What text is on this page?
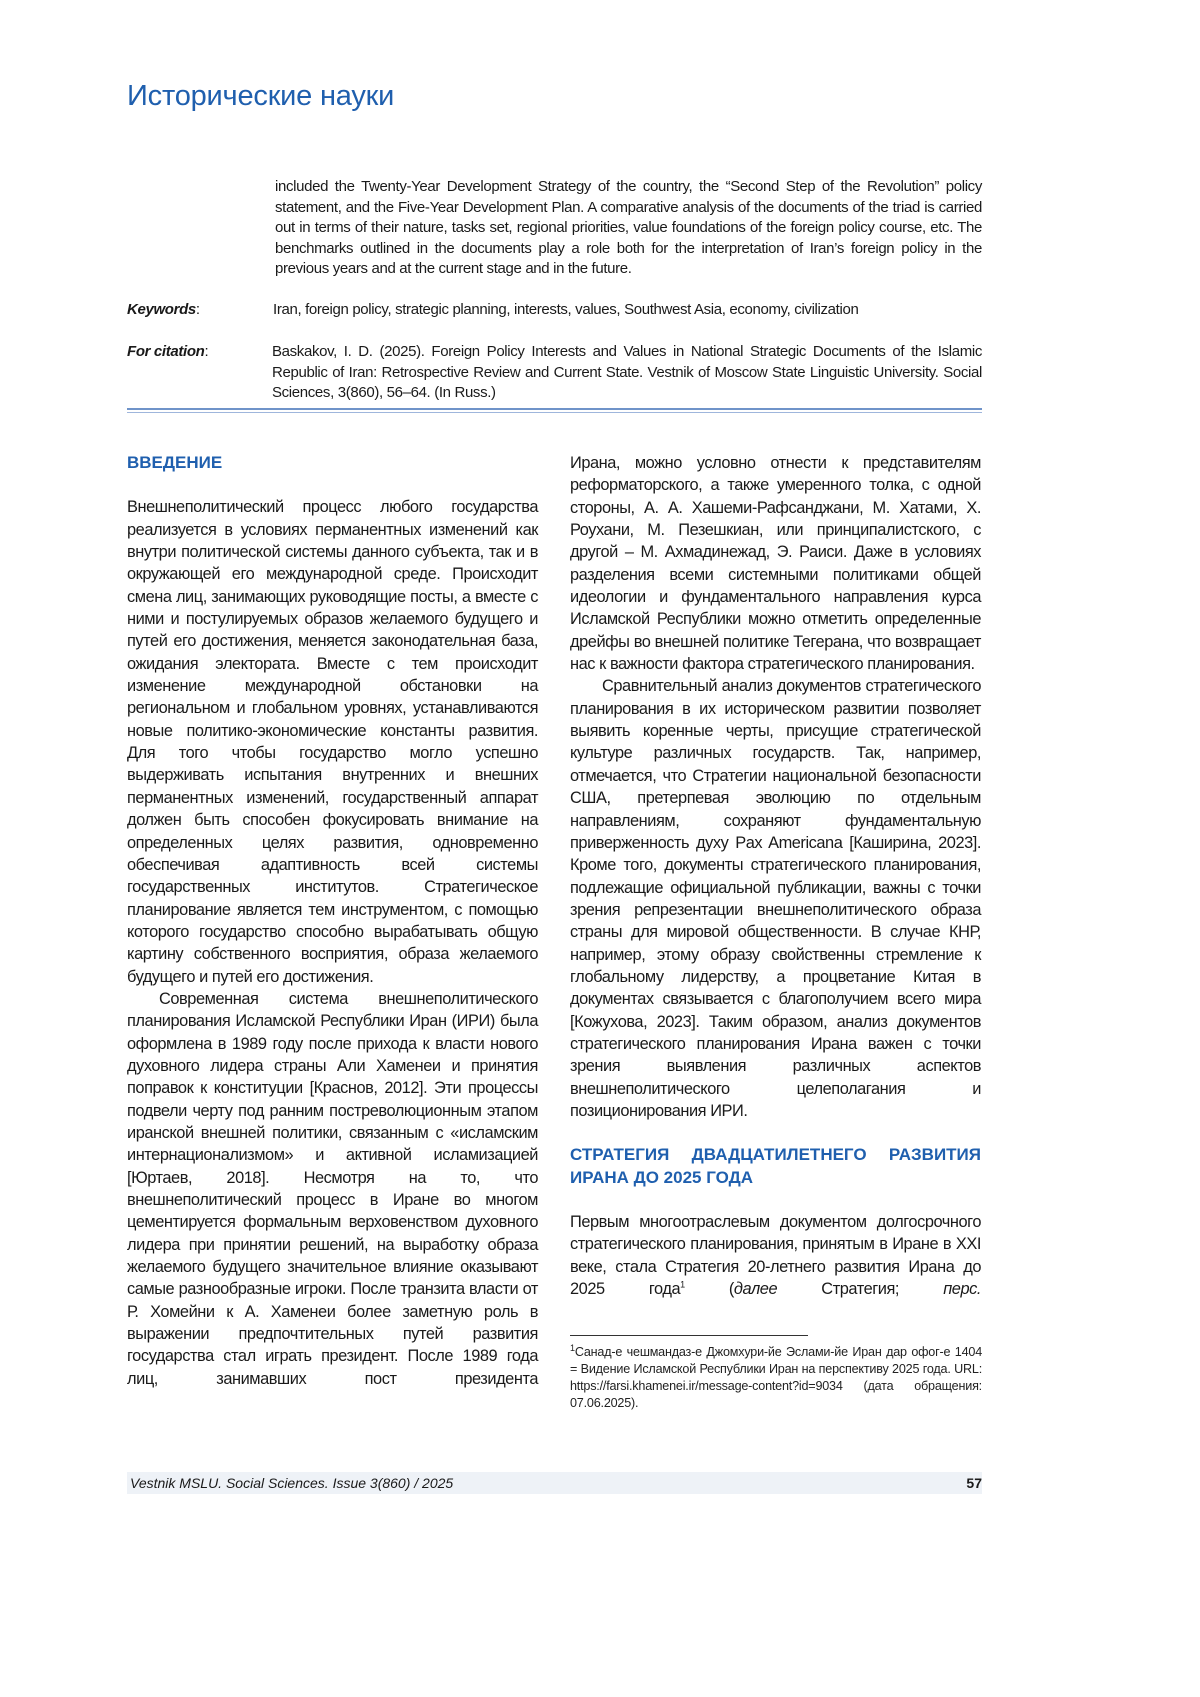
Исторические науки
included the Twenty-Year Development Strategy of the country, the “Second Step of the Revolution” policy statement, and the Five-Year Development Plan. A comparative analysis of the documents of the triad is carried out in terms of their nature, tasks set, regional priorities, value foundations of the foreign policy course, etc. The benchmarks outlined in the documents play a role both for the interpretation of Iran’s foreign policy in the previous years and at the current stage and in the future.
Keywords:	Iran, foreign policy, strategic planning, interests, values, Southwest Asia, economy, civilization
For citation:	Baskakov, I. D. (2025). Foreign Policy Interests and Values in National Strategic Documents of the Islamic Republic of Iran: Retrospective Review and Current State. Vestnik of Moscow State Linguistic University. Social Sciences, 3(860), 56–64. (In Russ.)

ВВЕДЕНИЕ

Внешнеполитический процесс любого государства реализуется в условиях перманентных изменений как внутри политической системы данного субъекта, так и в окружающей его международной среде. Происходит смена лиц, занимающих руководящие посты, а вместе с ними и постулируемых образов желаемого будущего и путей его достижения, меняется законодательная база, ожидания электората. Вместе с тем происходит изменение международной обстановки на региональном и глобальном уровнях, устанавливаются новые политико-экономические константы развития. Для того чтобы государство могло успешно выдерживать испытания внутренних и внешних перманентных изменений, государственный аппарат должен быть способен фокусировать внимание на определенных целях развития, одновременно обеспечивая адаптивность всей системы государственных институтов. Стратегическое планирование является тем инструментом, с помощью которого государство способно вырабатывать общую картину собственного восприятия, образа желаемого будущего и путей его достижения.

Современная система внешнеполитического планирования Исламской Республики Иран (ИРИ) была оформлена в 1989 году после прихода к власти нового духовного лидера страны Али Хаменеи и принятия поправок к конституции [Краснов, 2012]. Эти процессы подвели черту под ранним постреволюционным этапом иранской внешней политики, связанным с «исламским интернационализмом» и активной исламизацией [Юртаев, 2018]. Несмотря на то, что внешнеполитический процесс в Иране во многом цементируется формальным верховенством духовного лидера при принятии решений, на выработку образа желаемого будущего значительное влияние оказывают самые разнообразные игроки. После транзита власти от Р. Хомейни к А. Хаменеи более заметную роль в выражении предпочтительных путей развития государства стал играть президент. После 1989 года лиц, занимавших пост президента

Ирана, можно условно отнести к представителям реформаторского, а также умеренного толка, с одной стороны, А. А. Хашеми-Рафсанджани, М. Хатами, Х. Роухани, М. Пезешкиан, или принципалистского, с другой – М. Ахмадинежад, Э. Раиси. Даже в условиях разделения всеми системными политиками общей идеологии и фундаментального направления курса Исламской Республики можно отметить определенные дрейфы во внешней политике Тегерана, что возвращает нас к важности фактора стратегического планирования.

Сравнительный анализ документов стратегического планирования в их историческом развитии позволяет выявить коренные черты, присущие стратегической культуре различных государств. Так, например, отмечается, что Стратегии национальной безопасности США, претерпевая эволюцию по отдельным направлениям, сохраняют фундаментальную приверженность духу Pax Americana [Каширина, 2023]. Кроме того, документы стратегического планирования, подлежащие официальной публикации, важны с точки зрения репрезентации внешнеполитического образа страны для мировой общественности. В случае КНР, например, этому образу свойственны стремление к глобальному лидерству, а процветание Китая в документах связывается с благополучием всего мира [Кожухова, 2023]. Таким образом, анализ документов стратегического планирования Ирана важен с точки зрения выявления различных аспектов внешнеполитического целеполагания и позиционирования ИРИ.

СТРАТЕГИЯ ДВАДЦАТИЛЕТНЕГО РАЗВИТИЯ ИРАНА ДО 2025 ГОДА

Первым многоотраслевым документом долгосрочного стратегического планирования, принятым в Иране в XXI веке, стала Стратегия 20-летнего развития Ирана до 2025 года1 (далее Стратегия; перс.

1Санад-е чешмандаз-е Джомхури-йе Эслами-йе Иран дар офог-е 1404 = Видение Исламской Республики Иран на перспективу 2025 года. URL: https://farsi.khamenei.ir/message-content?id=9034 (дата обращения: 07.06.2025).
Vestnik MSLU. Social Sciences. Issue 3(860) / 2025	57
